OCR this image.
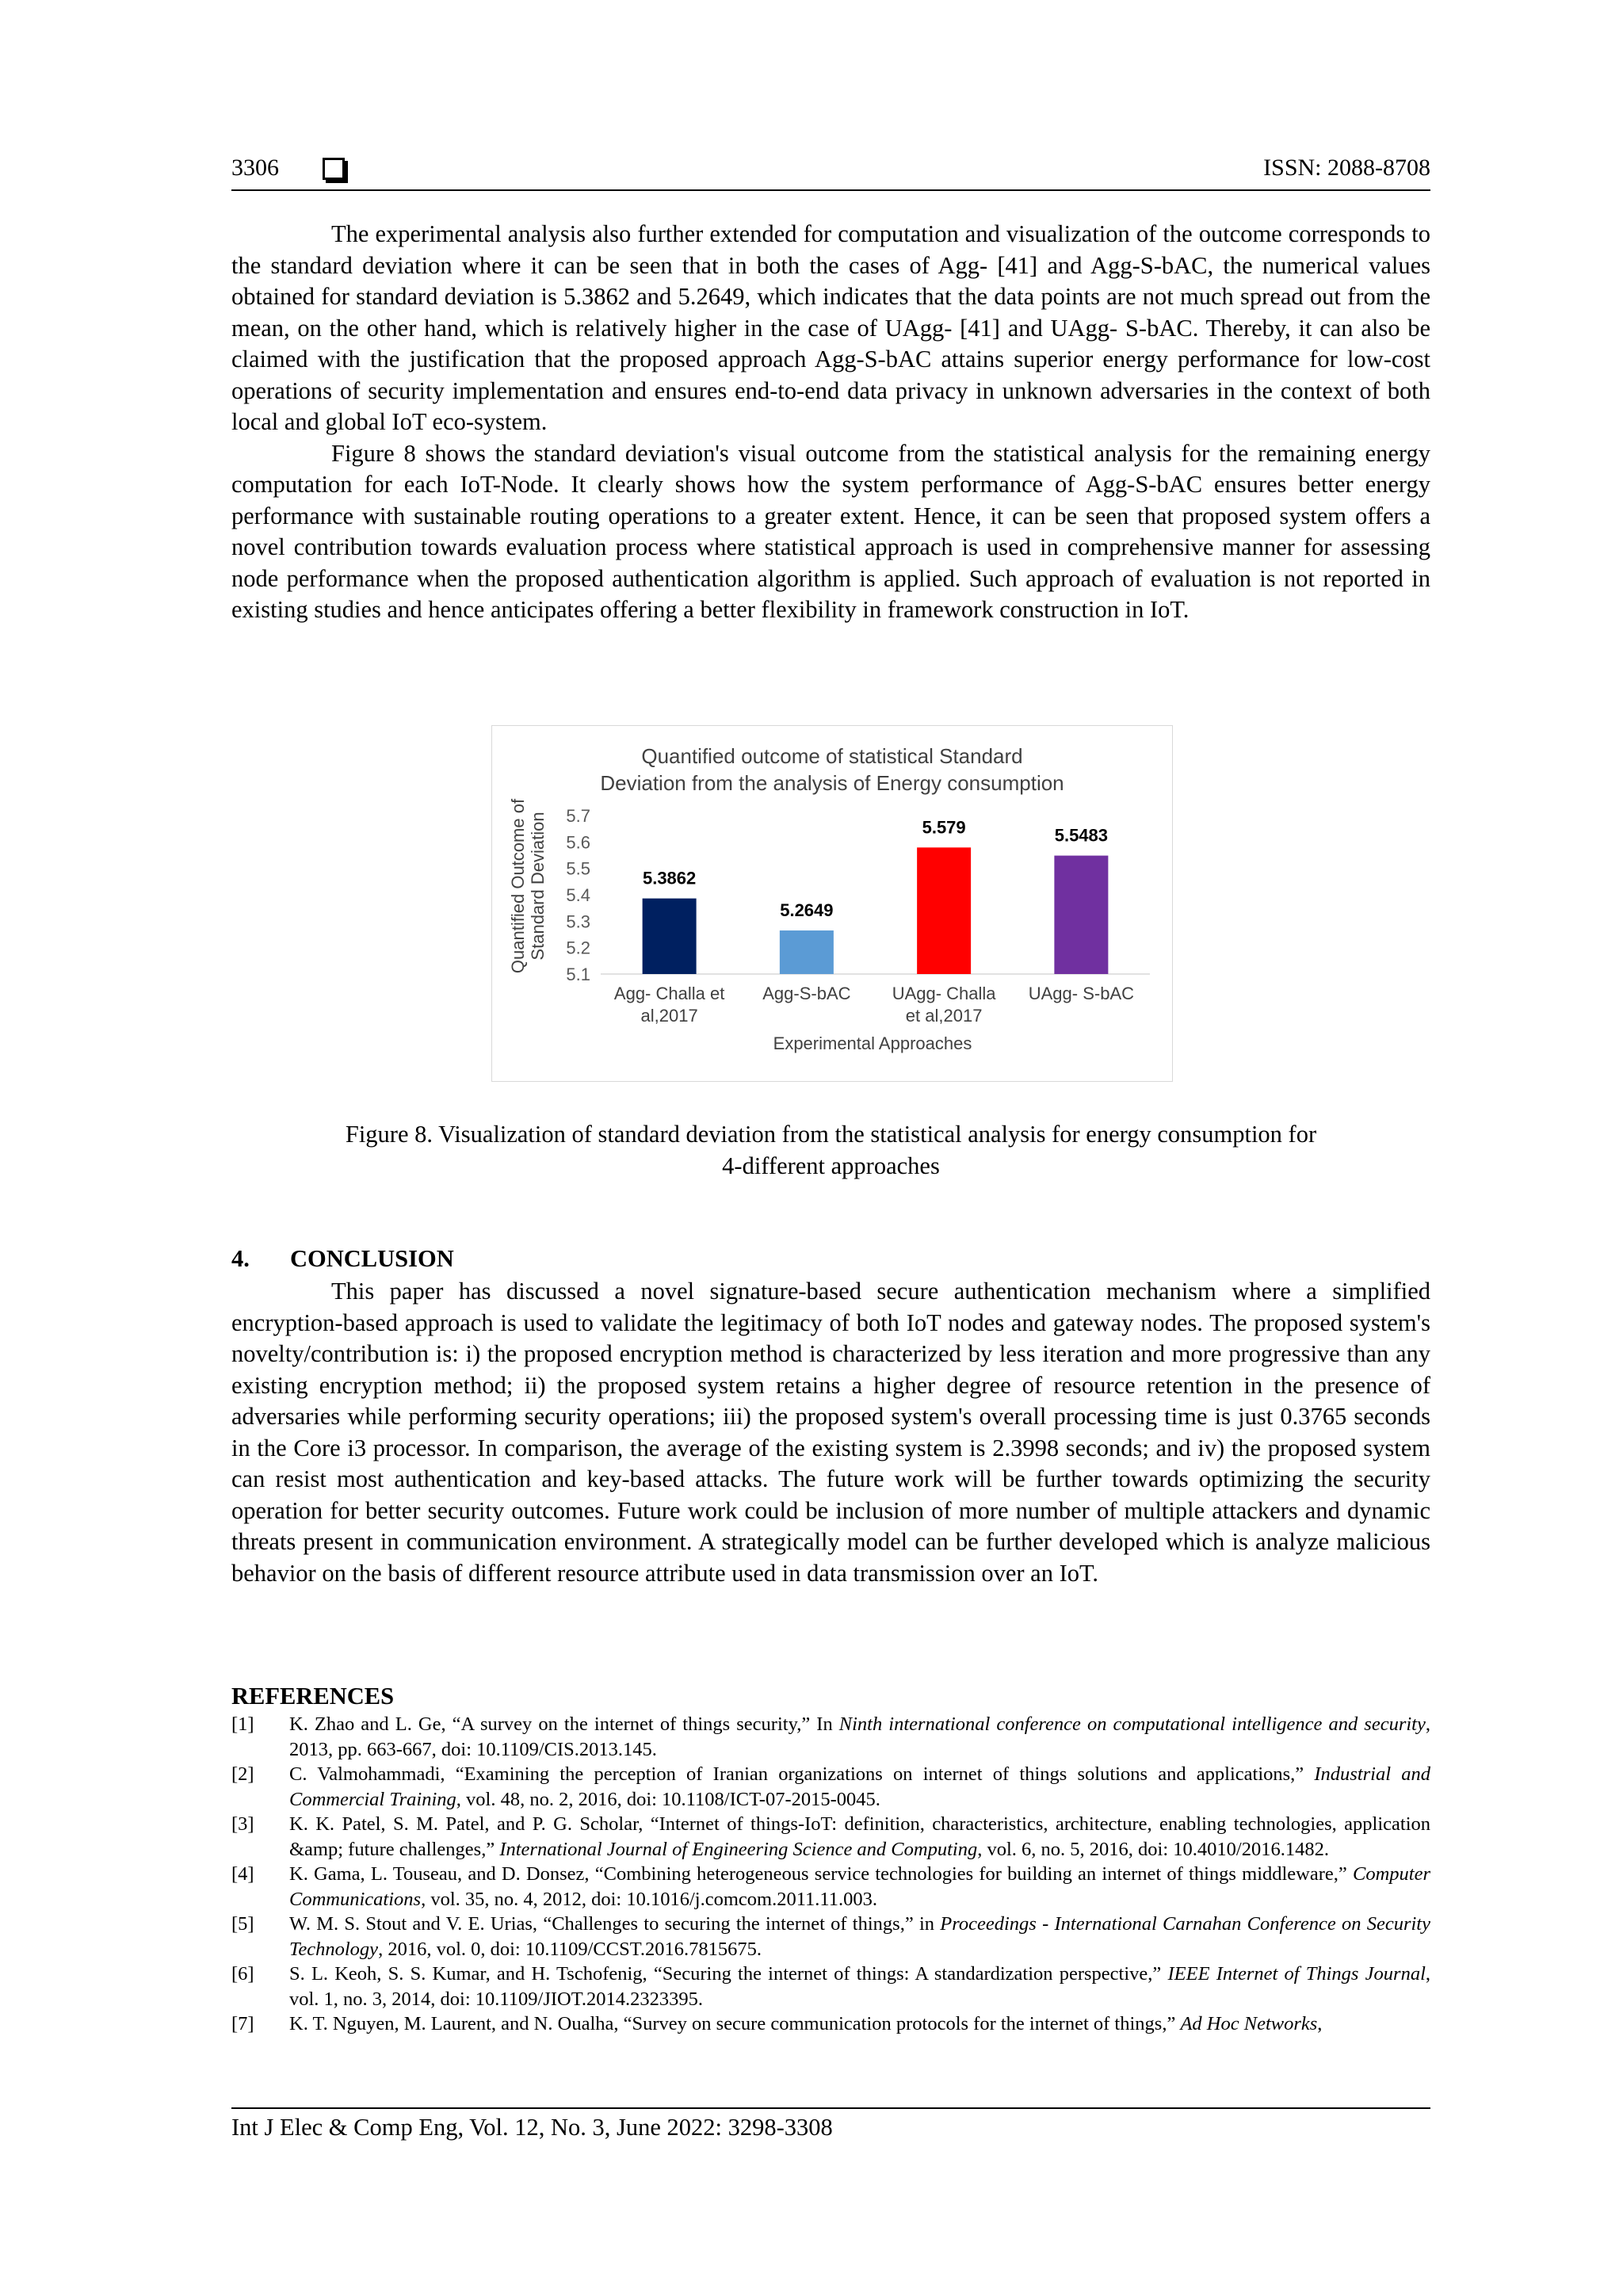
3306	ISSN: 2088-8708

The experimental analysis also further extended for computation and visualization of the outcome corresponds to the standard deviation where it can be seen that in both the cases of Agg- [41] and Agg-S-bAC, the numerical values obtained for standard deviation is 5.3862 and 5.2649, which indicates that the data points are not much spread out from the mean, on the other hand, which is relatively higher in the case of UAgg- [41] and UAgg- S-bAC. Thereby, it can also be claimed with the justification that the proposed approach Agg-S-bAC attains superior energy performance for low-cost operations of security implementation and ensures end-to-end data privacy in unknown adversaries in the context of both local and global IoT eco-system.

Figure 8 shows the standard deviation's visual outcome from the statistical analysis for the remaining energy computation for each IoT-Node. It clearly shows how the system performance of Agg-S-bAC ensures better energy performance with sustainable routing operations to a greater extent. Hence, it can be seen that proposed system offers a novel contribution towards evaluation process where statistical approach is used in comprehensive manner for assessing node performance when the proposed authentication algorithm is applied. Such approach of evaluation is not reported in existing studies and hence anticipates offering a better flexibility in framework construction in IoT.

Quantified outcome of statistical Standard
Deviation from the analysis of Energy consumption
Quantified Outcome of Standard Deviation 5.7
5.6
5.5
5.4
5.3
5.2
5.1
5.3862
5.2649
5.579	5.5483
Agg- Challa et
al,2017
Agg-S-bAC UAgg- Challa
et al,2017
UAgg- S-bAC
Experimental Approaches
Figure 8. Visualization of standard deviation from the statistical analysis for energy consumption for
4-different approaches
4. CONCLUSION

This paper has discussed a novel signature-based secure authentication mechanism where a simplified encryption-based approach is used to validate the legitimacy of both IoT nodes and gateway nodes. The proposed system's novelty/contribution is: i) the proposed encryption method is characterized by less iteration and more progressive than any existing encryption method; ii) the proposed system retains a higher degree of resource retention in the presence of adversaries while performing security operations; iii) the proposed system's overall processing time is just 0.3765 seconds in the Core i3 processor. In comparison, the average of the existing system is 2.3998 seconds; and iv) the proposed system can resist most authentication and key-based attacks. The future work will be further towards optimizing the security operation for better security outcomes. Future work could be inclusion of more number of multiple attackers and dynamic threats present in communication environment. A strategically model can be further developed which is analyze malicious behavior on the basis of different resource attribute used in data transmission over an IoT.

REFERENCES
[1] K. Zhao and L. Ge, “A survey on the internet of things security,” In Ninth international conference on computational intelligence and security, 2013, pp. 663-667, doi: 10.1109/CIS.2013.145.
[2] C. Valmohammadi, “Examining the perception of Iranian organizations on internet of things solutions and applications,” Industrial and Commercial Training, vol. 48, no. 2, 2016, doi: 10.1108/ICT-07-2015-0045.
[3] K. K. Patel, S. M. Patel, and P. G. Scholar, “Internet of things-IoT: definition, characteristics, architecture, enabling technologies, application &amp; future challenges,” International Journal of Engineering Science and Computing, vol. 6, no. 5, 2016, doi: 10.4010/2016.1482.
[4] K. Gama, L. Touseau, and D. Donsez, “Combining heterogeneous service technologies for building an internet of things middleware,” Computer Communications, vol. 35, no. 4, 2012, doi: 10.1016/j.comcom.2011.11.003.
[5] W. M. S. Stout and V. E. Urias, “Challenges to securing the internet of things,” in Proceedings - International Carnahan Conference on Security Technology, 2016, vol. 0, doi: 10.1109/CCST.2016.7815675.
[6] S. L. Keoh, S. S. Kumar, and H. Tschofenig, “Securing the internet of things: A standardization perspective,” IEEE Internet of Things Journal, vol. 1, no. 3, 2014, doi: 10.1109/JIOT.2014.2323395.
[7] K. T. Nguyen, M. Laurent, and N. Oualha, “Survey on secure communication protocols for the internet of things,” Ad Hoc Networks,
Int J Elec & Comp Eng, Vol. 12, No. 3, June 2022: 3298-3308
